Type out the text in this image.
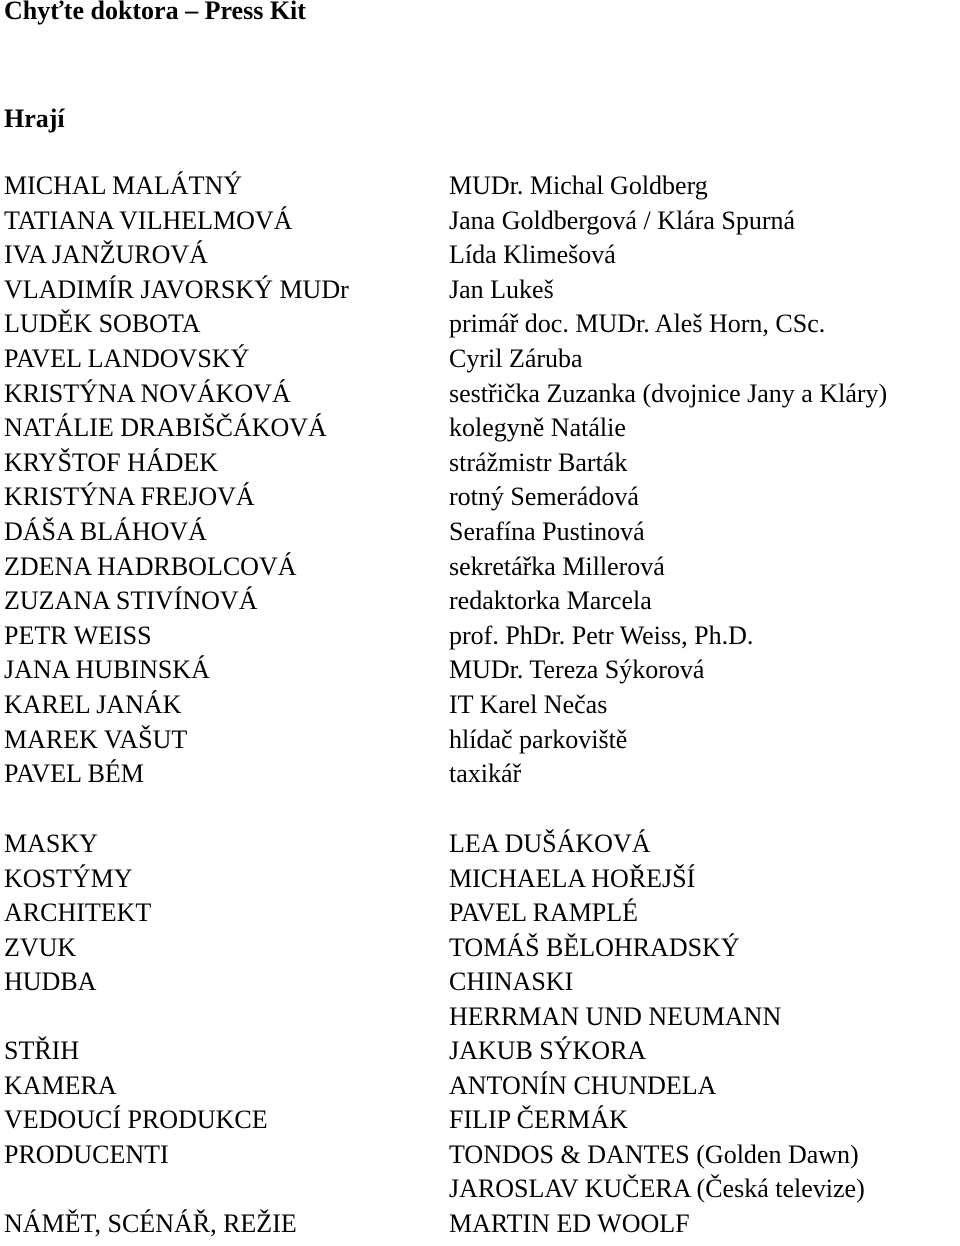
Chyťte doktora – Press Kit
Hrají
MICHAL MALÁTNÝ
TATIANA VILHELMOVÁ
IVA JANŽUROVÁ
VLADIMÍR JAVORSKÝ MUDr
LUDĚK SOBOTA
PAVEL LANDOVSKÝ
KRISTÝNA NOVÁKOVÁ
NATÁLIE DRABIŠČÁKOVÁ
KRYŠTOF HÁDEK
KRISTÝNA FREJOVÁ
DÁŠA BLÁHOVÁ
ZDENA HADRBOLCOVÁ
ZUZANA STIVÍNOVÁ
PETR WEISS
JANA HUBINSKÁ
KAREL JANÁK
MAREK VAŠUT
PAVEL BÉM
MUDr. Michal Goldberg
Jana Goldbergová / Klára Spurná
Lída Klimešová
Jan Lukeš
primář doc. MUDr. Aleš Horn, CSc.
Cyril Záruba
sestřička Zuzanka (dvojnice Jany a Kláry)
kolegyně Natálie
strážmistr Barták
rotný Semerádová
Serafína Pustinová
sekretářka Millerová
redaktorka Marcela
prof. PhDr. Petr Weiss, Ph.D.
MUDr. Tereza Sýkorová
IT Karel Nečas
hlídač parkoviště
taxikář
MASKY
KOSTÝMY
ARCHITEKT
ZVUK
HUDBA
LEA DUŠÁKOVÁ
MICHAELA HOŘEJŠÍ
PAVEL RAMPLÉ
TOMÁŠ BĚLOHRADSKÝ
CHINASKI
HERRMAN UND NEUMANN
STŘIH
KAMERA
VEDOUCÍ PRODUKCE
PRODUCENTI
JAKUB SÝKORA
ANTONÍN CHUNDELA
FILIP ČERMÁK
TONDOS & DANTES (Golden Dawn)
JAROSLAV KUČERA (Česká televize)
NÁMĚT, SCÉNÁŘ, REŽIE	MARTIN ED WOOLF
